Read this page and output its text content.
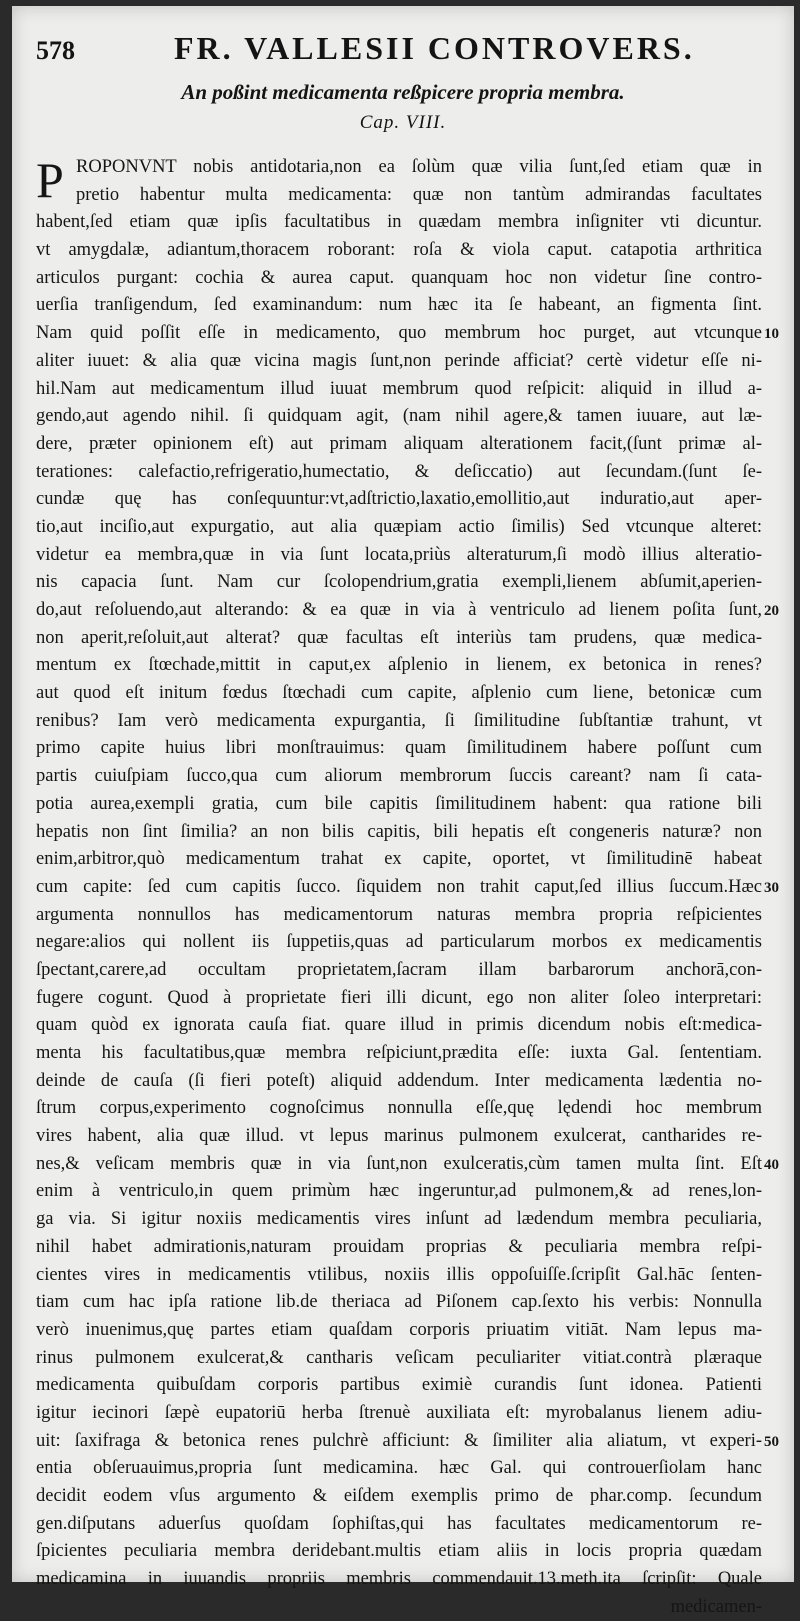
578	FR. VALLESII CONTROVERS.
An poßint medicamenta reßpicere propria membra.
Cap. VIII.
P ROPONVNT nobis antidotaria,non ea ſolùm quæ vilia ſunt,ſed etiam quæ in
pretio habentur multa medicamenta: quæ non tantùm admirandas facultates
habent,ſed etiam quæ ipſis facultatibus in quædam membra inſigniter vti dicuntur.
vt amygdalæ, adiantum,thoracem roborant: roſa & viola caput. catapotia arthritica
articulos purgant: cochia & aurea caput. quanquam hoc non videtur ſine contro-
uerſia tranſigendum, ſed examinandum: num hæc ita ſe habeant, an figmenta ſint.
Nam quid poſſit eſſe in medicamento, quo membrum hoc purget, aut vtcunque
aliter iuuet: & alia quæ vicina magis ſunt,non perinde afficiat? certè videtur eſſe ni-
hil.Nam aut medicamentum illud iuuat membrum quod reſpicit: aliquid in illud a-
gendo,aut agendo nihil. ſi quidquam agit, (nam nihil agere,& tamen iuuare, aut læ-
dere, præter opinionem eſt) aut primam aliquam alterationem facit,(ſunt primæ al-
terationes: calefactio,refrigeratio,humectatio, & deſiccatio) aut ſecundam.(ſunt ſe-
cundæ quę has conſequuntur:vt,adſtrictio,laxatio,emollitio,aut induratio,aut aper-
tio,aut inciſio,aut expurgatio, aut alia quæpiam actio ſimilis) Sed vtcunque alteret:
videtur ea membra,quæ in via ſunt locata,priùs alteraturum,ſi modò illius alteratio-
nis capacia ſunt. Nam cur ſcolopendrium,gratia exempli,lienem abſumit,aperien-
do,aut reſoluendo,aut alterando: & ea quæ in via à ventriculo ad lienem poſita ſunt,
non aperit,reſoluit,aut alterat? quæ facultas eſt interiùs tam prudens, quæ medica-
mentum ex ſtœchade,mittit in caput,ex aſplenio in lienem, ex betonica in renes?
aut quod eſt initum fœdus ſtœchadi cum capite, aſplenio cum liene, betonicæ cum
renibus? Iam verò medicamenta expurgantia, ſi ſimilitudine ſubſtantiæ trahunt, vt
primo capite huius libri monſtrauimus: quam ſimilitudinem habere poſſunt cum
partis cuiuſpiam ſucco,qua cum aliorum membrorum ſuccis careant? nam ſi cata-
potia aurea,exempli gratia, cum bile capitis ſimilitudinem habent: qua ratione bili
hepatis non ſint ſimilia? an non bilis capitis, bili hepatis eſt congeneris naturæ? non
enim,arbitror,quò medicamentum trahat ex capite, oportet, vt ſimilitudinē habeat
cum capite: ſed cum capitis ſucco. ſiquidem non trahit caput,ſed illius ſuccum.Hæc
argumenta nonnullos has medicamentorum naturas membra propria reſpicientes
negare:alios qui nollent iis ſuppetiis,quas ad particularum morbos ex medicamentis
ſpectant,carere,ad occultam proprietatem,ſacram illam barbarorum anchorā,con-
fugere cogunt. Quod à proprietate fieri illi dicunt, ego non aliter ſoleo interpretari:
quam quòd ex ignorata cauſa fiat. quare illud in primis dicendum nobis eſt:medica-
menta his facultatibus,quæ membra reſpiciunt,prædita eſſe: iuxta Gal. ſententiam.
deinde de cauſa (ſi fieri poteſt) aliquid addendum. Inter medicamenta lædentia no-
ſtrum corpus,experimento cognoſcimus nonnulla eſſe,quę lędendi hoc membrum
vires habent, alia quæ illud. vt lepus marinus pulmonem exulcerat, cantharides re-
nes,& veſicam membris quæ in via ſunt,non exulceratis,cùm tamen multa ſint. Eſt
enim à ventriculo,in quem primùm hæc ingeruntur,ad pulmonem,& ad renes,lon-
ga via. Si igitur noxiis medicamentis vires inſunt ad lædendum membra peculiaria,
nihil habet admirationis,naturam prouidam proprias & peculiaria membra reſpi-
cientes vires in medicamentis vtilibus, noxiis illis oppoſuiſſe.ſcripſit Gal.hāc ſenten-
tiam cum hac ipſa ratione lib.de theriaca ad Piſonem cap.ſexto his verbis: Nonnulla
verò inuenimus,quę partes etiam quaſdam corporis priuatim vitiāt. Nam lepus ma-
rinus pulmonem exulcerat,& cantharis veſicam peculiariter vitiat.contrà plæraque
medicamenta quibuſdam corporis partibus eximiè curandis ſunt idonea. Patienti
igitur iecinori ſæpè eupatoriū herba ſtrenuè auxiliata eſt: myrobalanus lienem adiu-
uit: ſaxifraga & betonica renes pulchrè afficiunt: & ſimiliter alia aliatum, vt experi-
entia obſeruauimus,propria ſunt medicamina. hæc Gal. qui controuerſiolam hanc
decidit eodem vſus argumento & eiſdem exemplis primo de phar.comp. ſecundum
gen.diſputans aduerſus quoſdam ſophiſtas,qui has facultates medicamentorum re-
ſpicientes peculiaria membra deridebant.multis etiam aliis in locis propria quædam
medicamina in iuuandis propriis membris commendauit.13.meth.ita ſcripſit: Quale
medicamen-
10
20
30
40
50
